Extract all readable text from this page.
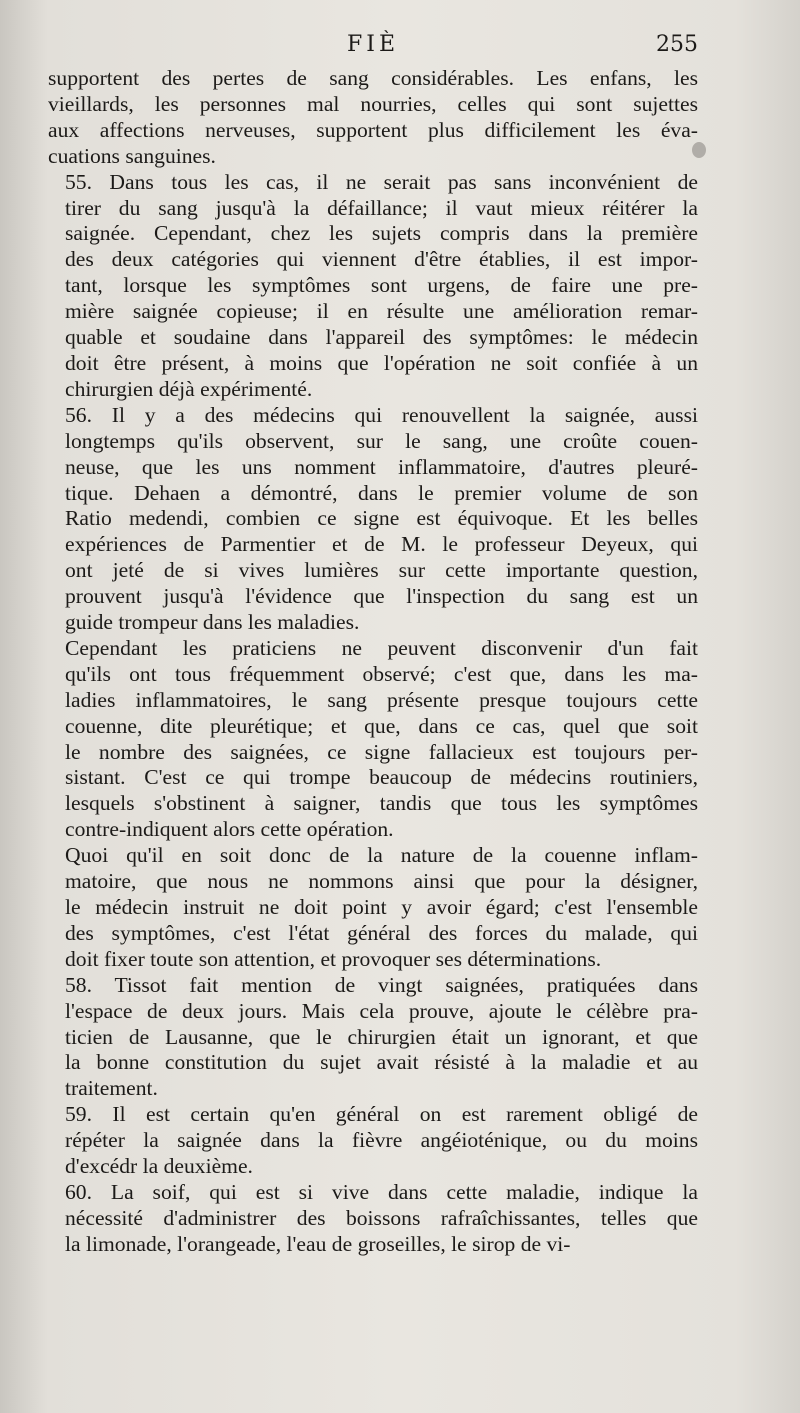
FIÈ	255
supportent des pertes de sang considérables. Les enfans, les
vieillards, les personnes mal nourries, celles qui sont sujettes
aux affections nerveuses, supportent plus difficilement les éva-
cuations sanguines.
55. Dans tous les cas, il ne serait pas sans inconvénient de
tirer du sang jusqu'à la défaillance; il vaut mieux réitérer la
saignée. Cependant, chez les sujets compris dans la première
des deux catégories qui viennent d'être établies, il est impor-
tant, lorsque les symptômes sont urgens, de faire une pre-
mière saignée copieuse; il en résulte une amélioration remar-
quable et soudaine dans l'appareil des symptômes: le médecin
doit être présent, à moins que l'opération ne soit confiée à un
chirurgien déjà expérimenté.
56. Il y a des médecins qui renouvellent la saignée, aussi
longtemps qu'ils observent, sur le sang, une croûte couen-
neuse, que les uns nomment inflammatoire, d'autres pleuré-
tique. Dehaen a démontré, dans le premier volume de son
Ratio medendi, combien ce signe est équivoque. Et les belles
expériences de Parmentier et de M. le professeur Deyeux, qui
ont jeté de si vives lumières sur cette importante question,
prouvent jusqu'à l'évidence que l'inspection du sang est un
guide trompeur dans les maladies.
Cependant les praticiens ne peuvent disconvenir d'un fait
qu'ils ont tous fréquemment observé; c'est que, dans les ma-
ladies inflammatoires, le sang présente presque toujours cette
couenne, dite pleurétique; et que, dans ce cas, quel que soit
le nombre des saignées, ce signe fallacieux est toujours per-
sistant. C'est ce qui trompe beaucoup de médecins routiniers,
lesquels s'obstinent à saigner, tandis que tous les symptômes
contre-indiquent alors cette opération.
Quoi qu'il en soit donc de la nature de la couenne inflam-
matoire, que nous ne nommons ainsi que pour la désigner,
le médecin instruit ne doit point y avoir égard; c'est l'ensemble
des symptômes, c'est l'état général des forces du malade, qui
doit fixer toute son attention, et provoquer ses déterminations.
58. Tissot fait mention de vingt saignées, pratiquées dans
l'espace de deux jours. Mais cela prouve, ajoute le célèbre pra-
ticien de Lausanne, que le chirurgien était un ignorant, et que
la bonne constitution du sujet avait résisté à la maladie et au
traitement.
59. Il est certain qu'en général on est rarement obligé de
répéter la saignée dans la fièvre angéioténique, ou du moins
d'excédr la deuxième.
60. La soif, qui est si vive dans cette maladie, indique la
nécessité d'administrer des boissons rafraîchissantes, telles que
la limonade, l'orangeade, l'eau de groseilles, le sirop de vi-
